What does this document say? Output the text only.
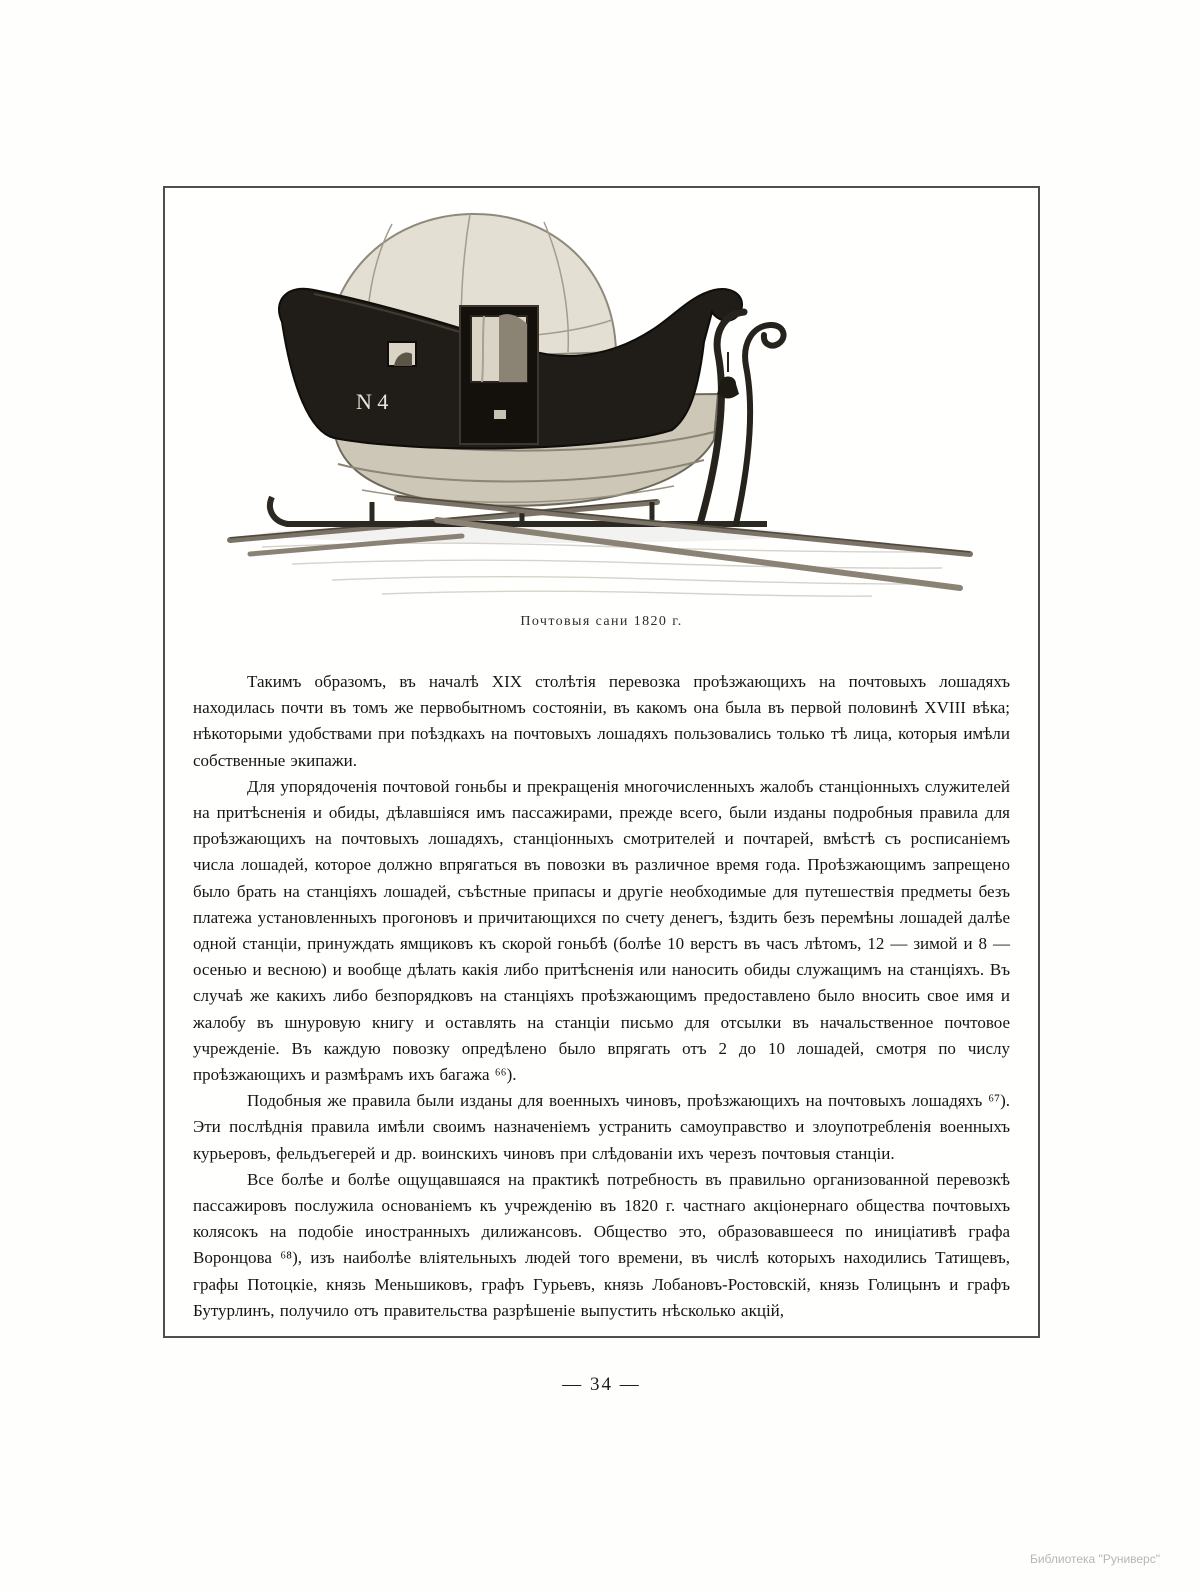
N 4
Почтовыя сани 1820 г.

Такимъ образомъ, въ началѣ XIX столѣтія перевозка проѣзжающихъ на почтовыхъ лошадяхъ находилась почти въ томъ же первобытномъ состояніи, въ какомъ она была въ первой половинѣ XVIII вѣка; нѣкоторыми удобствами при поѣздкахъ на почтовыхъ лошадяхъ пользовались только тѣ лица, которыя имѣли собственные экипажи.

Для упорядоченія почтовой гоньбы и прекращенія многочисленныхъ жалобъ станціонныхъ служителей на притѣсненія и обиды, дѣлавшіяся имъ пассажирами, прежде всего, были изданы подробныя правила для проѣзжающихъ на почтовыхъ лошадяхъ, станціонныхъ смотрителей и почтарей, вмѣстѣ съ росписаніемъ числа лошадей, которое должно впрягаться въ повозки въ различное время года. Проѣзжающимъ запрещено было брать на станціяхъ лошадей, съѣстные припасы и другіе необходимые для путешествія предметы безъ платежа установленныхъ прогоновъ и причитающихся по счету денегъ, ѣздить безъ перемѣны лошадей далѣе одной станціи, принуждать ямщиковъ къ скорой гоньбѣ (болѣе 10 верстъ въ часъ лѣтомъ, 12 — зимой и 8 — осенью и весною) и вообще дѣлать какія либо притѣсненія или наносить обиды служащимъ на станціяхъ. Въ случаѣ же какихъ либо безпорядковъ на станціяхъ проѣзжающимъ предоставлено было вносить свое имя и жалобу въ шнуровую книгу и оставлять на станціи письмо для отсылки въ начальственное почтовое учрежденіе. Въ каждую повозку опредѣлено было впрягать отъ 2 до 10 лошадей, смотря по числу проѣзжающихъ и размѣрамъ ихъ багажа ⁶⁶).

Подобныя же правила были изданы для военныхъ чиновъ, проѣзжающихъ на почтовыхъ лошадяхъ ⁶⁷). Эти послѣднія правила имѣли своимъ назначеніемъ устранить самоуправство и злоупотребленія военныхъ курьеровъ, фельдъегерей и др. воинскихъ чиновъ при слѣдованіи ихъ черезъ почтовыя станціи.

Все болѣе и болѣе ощущавшаяся на практикѣ потребность въ правильно организованной перевозкѣ пассажировъ послужила основаніемъ къ учрежденію въ 1820 г. частнаго акціонернаго общества почтовыхъ колясокъ на подобіе иностранныхъ дилижансовъ. Общество это, образовавшееся по иниціативѣ графа Воронцова ⁶⁸), изъ наиболѣе вліятельныхъ людей того времени, въ числѣ которыхъ находились Татищевъ, графы Потоцкіе, князь Меньшиковъ, графъ Гурьевъ, князь Лобановъ-Ростовскій, князь Голицынъ и графъ Бутурлинъ, получило отъ правительства разрѣшеніе выпустить нѣсколько акцій,

— 34 —
Библиотека "Руниверс"
